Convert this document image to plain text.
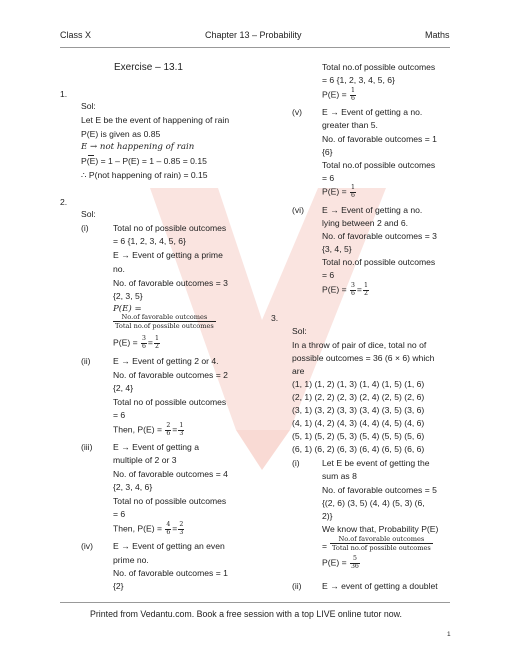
Class X	Chapter 13 – Probability	Maths
Exercise – 13.1
1.
Sol:
Let E be the event of happening of rain
P(E) is given as 0.85
E → not happening of rain
P(E) = 1 – P(E) = 1 – 0.85 = 0.15
∴ P(not happening of rain) = 0.15
2.
Sol:
(i)	Total no of possible outcomes
= 6 {1, 2, 3, 4, 5, 6}
E → Event of getting a prime
no.
No. of favorable outcomes = 3
{2, 3, 5}
P(E) =
No.of favorable outcomes
Total no.of possible outcomes
$P(E) = \frac{3}{6} = \frac{1}{2}$
(ii)	E → Event of getting 2 or 4.
No. of favorable outcomes = 2
{2, 4}
Total no of possible outcomes
= 6
Then, $P(E) = \frac{2}{6} = \frac{1}{3}$
(iii) E → Event of getting a
multiple of 2 or 3
No. of favorable outcomes = 4
{2, 3, 4, 6}
Total no of possible outcomes
= 6
Then, $P(E) = \frac{4}{6} = \frac{2}{3}$
(iv) E → Event of getting an even
prime no.
No. of favorable outcomes = 1
{2}
Total no.of possible outcomes
= 6 {1, 2, 3, 4, 5, 6}
$P(E) = \frac{1}{6}$
(v) E → Event of getting a no.
greater than 5.
No. of favorable outcomes = 1
{6}
Total no.of possible outcomes
= 6
$P(E) = \frac{1}{6}$
(vi) E → Event of getting a no.
lying between 2 and 6.
No. of favorable outcomes = 3
{3, 4, 5}
Total no.of possible outcomes
= 6
$P(E) = \frac{3}{6} = \frac{1}{2}$
3.
Sol:
In a throw of pair of dice, total no of
possible outcomes = 36 (6 × 6) which
are
(1, 1) (1, 2) (1, 3) (1, 4) (1, 5) (1, 6)
(2, 1) (2, 2) (2, 3) (2, 4) (2, 5) (2, 6)
(3, 1) (3, 2) (3, 3) (3, 4) (3, 5) (3, 6)
(4, 1) (4, 2) (4, 3) (4, 4) (4, 5) (4, 6)
(5, 1) (5, 2) (5, 3) (5, 4) (5, 5) (5, 6)
(6, 1) (6, 2) (6, 3) (6, 4) (6, 5) (6, 6)
(i)	Let E be event of getting the
sum as 8
No. of favorable outcomes = 5
{(2, 6) (3, 5) (4, 4) (5, 3) (6,
2)}
We know that, Probability P(E)
=
No.of favorable outcomes
Total no.of possible outcomes
$P(E) = \frac{5}{36}$
(ii) E → event of getting a doublet
Printed from Vedantu.com. Book a free session with a top LIVE online tutor now.
1
